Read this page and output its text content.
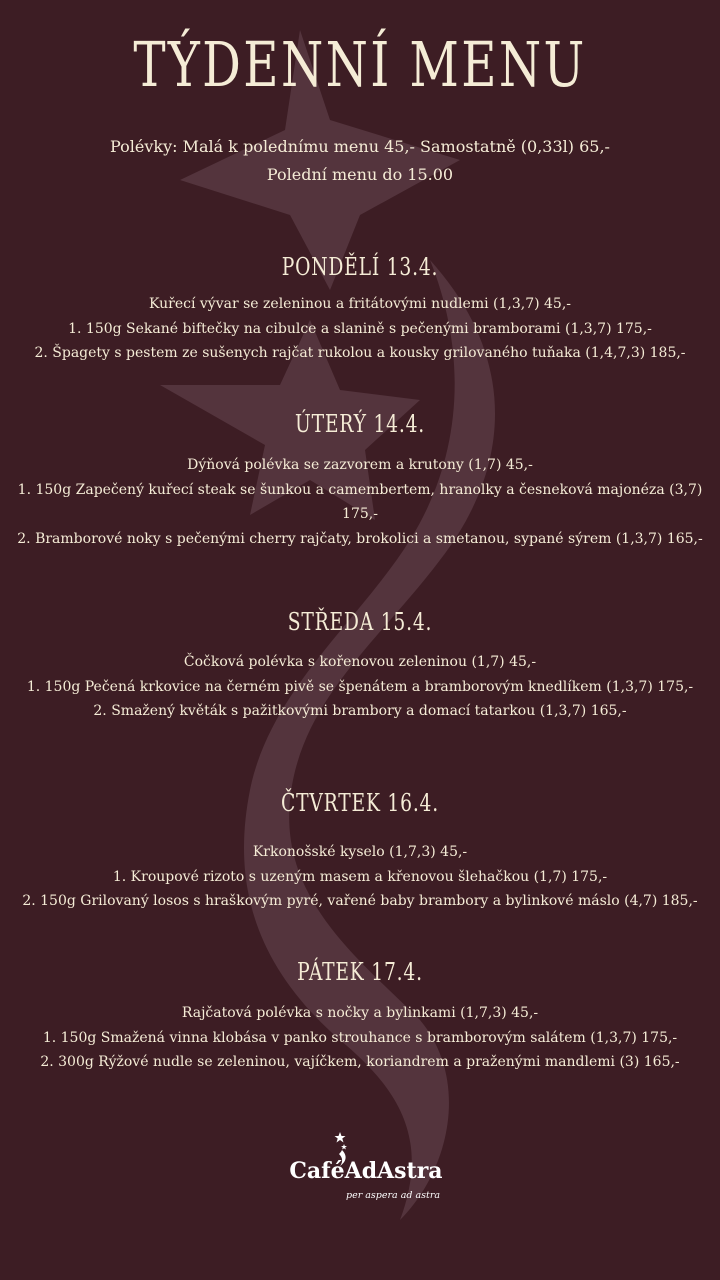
TÝDENNÍ MENU
Polévky: Malá k polednímu menu 45,- Samostatně (0,33l) 65,-
Polední menu do 15.00
PONDĚLÍ 13.4.
Kuřecí vývar se zeleninou a fritátovými nudlemi (1,3,7) 45,-
1. 150g Sekané biftečky na cibulce a slanině s pečenými bramborami (1,3,7) 175,-
2. Špagety s pestem ze sušenych rajčat rukolou a kousky grilovaného tuňaka (1,4,7,3) 185,-
ÚTERÝ 14.4.
Dýňová polévka se zazvorem a krutony (1,7) 45,-
1. 150g Zapečený kuřecí steak se šunkou a camembertem, hranolky a česneková majonéza (3,7) 175,-
2. Bramborové noky s pečenými cherry rajčaty, brokolici a smetanou, sypané sýrem (1,3,7) 165,-
STŘEDA 15.4.
Čočková polévka s kořenovou zeleninou (1,7) 45,-
1. 150g Pečená krkovice na černém pivě se špenátem a bramborovým knedlíkem (1,3,7) 175,-
2. Smažený květák s pažitkovými brambory a domací tatarkou (1,3,7) 165,-
ČTVRTEK 16.4.
Krkonošské kyselo (1,7,3) 45,-
1. Kroupové rizoto s uzeným masem a křenovou šlehačkou (1,7) 175,-
2. 150g Grilovaný losos s hraškovým pyré, vařené baby brambory a bylinkové máslo (4,7) 185,-
PÁTEK 17.4.
Rajčatová polévka s nočky a bylinkami (1,7,3) 45,-
1. 150g Smažená vinna klobása v panko strouhance s bramborovým salátem (1,3,7) 175,-
2. 300g Rýžové nudle se zeleninou, vajíčkem, koriandrem a praženými mandlemi (3) 165,-
CaféAdAstra
per aspera ad astra
